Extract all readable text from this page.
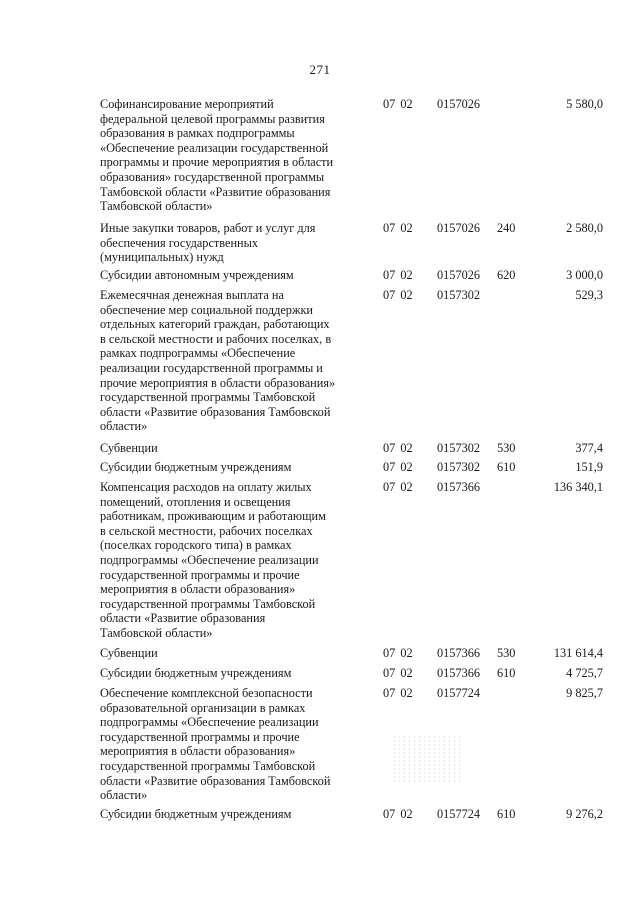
271
Софинансирование мероприятий
федеральной целевой программы развития
образования в рамках подпрограммы
«Обеспечение реализации государственной
программы и прочие мероприятия в области
образования» государственной программы
Тамбовской области «Развитие образования
Тамбовской области»
07 02 0157026	5 580,0
Иные закупки товаров, работ и услуг для
обеспечения государственных
(муниципальных) нужд
07 02 0157026 240	2 580,0
Субсидии автономным учреждениям	07 02 0157026 620	3 000,0
Ежемесячная денежная выплата на
обеспечение мер социальной поддержки
отдельных категорий граждан, работающих
в сельской местности и рабочих поселках, в
рамках подпрограммы «Обеспечение
реализации государственной программы и
прочие мероприятия в области образования»
государственной программы Тамбовской
области «Развитие образования Тамбовской
области»
07 02 0157302	529,3
Субвенции	07 02 0157302 530	377,4
Субсидии бюджетным учреждениям	07 02 0157302 610	151,9
Компенсация расходов на оплату жилых
помещений, отопления и освещения
работникам, проживающим и работающим
в сельской местности, рабочих поселках
(поселках городского типа) в рамках
подпрограммы «Обеспечение реализации
государственной программы и прочие
мероприятия в области образования»
государственной программы Тамбовской
области «Развитие образования
Тамбовской области»
07 02 0157366	136 340,1
Субвенции	07 02 0157366 530	131 614,4
Субсидии бюджетным учреждениям	07 02 0157366 610	4 725,7
Обеспечение комплексной безопасности
образовательной организации в рамках
подпрограммы «Обеспечение реализации
государственной программы и прочие
мероприятия в области образования»
государственной программы Тамбовской
области «Развитие образования Тамбовской
области»
07 02 0157724	9 825,7
Субсидии бюджетным учреждениям	07 02 0157724 610	9 276,2
